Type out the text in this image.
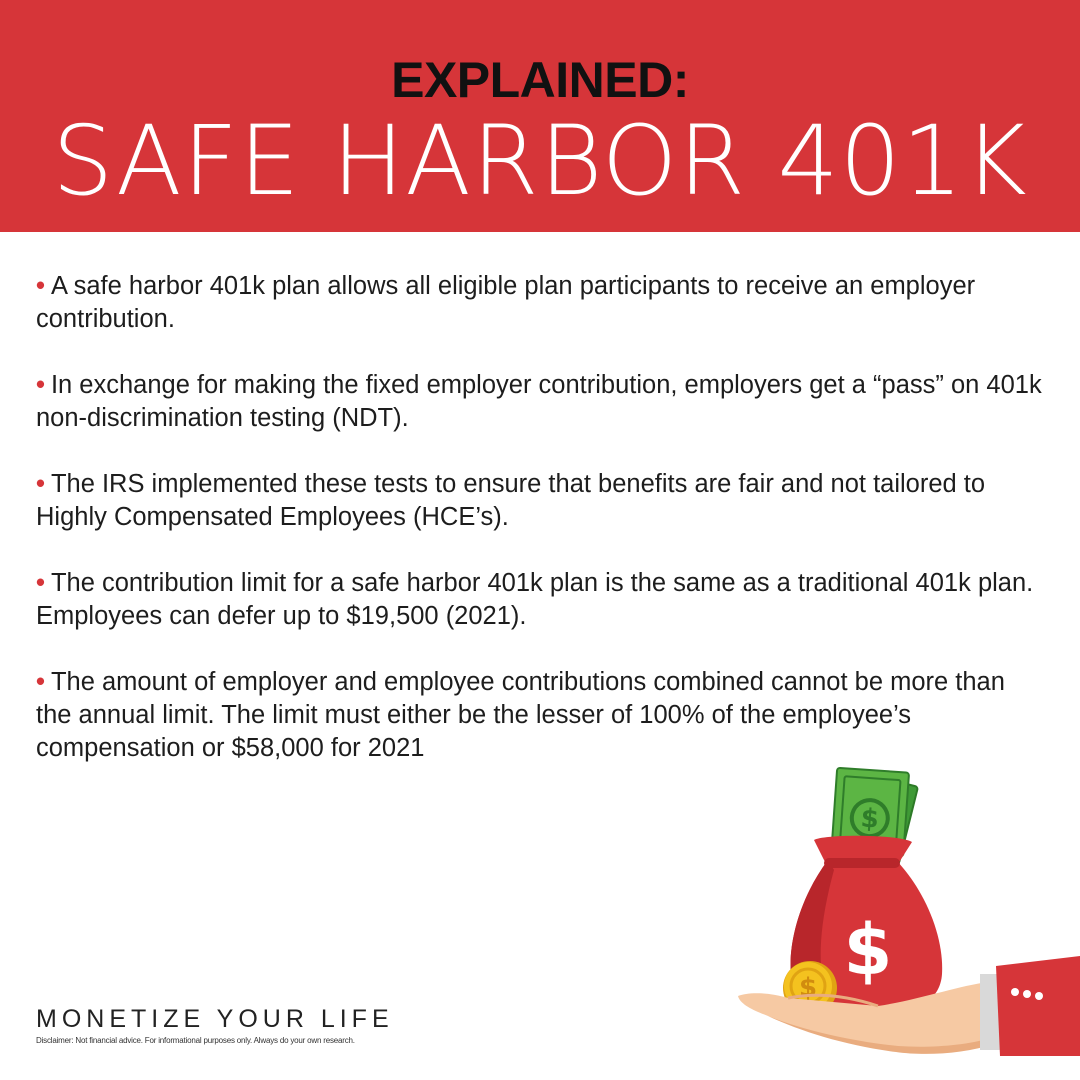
EXPLAINED:
SAFE HARBOR 401K
• A safe harbor 401k plan allows all eligible plan participants to receive an employer contribution.
• In exchange for making the fixed employer contribution, employers get a “pass” on 401k non-discrimination testing (NDT).
• The IRS implemented these tests to ensure that benefits are fair and not tailored to Highly Compensated Employees (HCE’s).
• The contribution limit for a safe harbor 401k plan is the same as a traditional 401k plan. Employees can defer up to $19,500 (2021).
• The amount of employer and employee contributions combined cannot be more than the annual limit. The limit must either be the lesser of 100% of the employee’s compensation or $58,000 for 2021
$
$
$
MONETIZE YOUR LIFE
Disclaimer: Not financial advice. For informational purposes only. Always do your own research.
